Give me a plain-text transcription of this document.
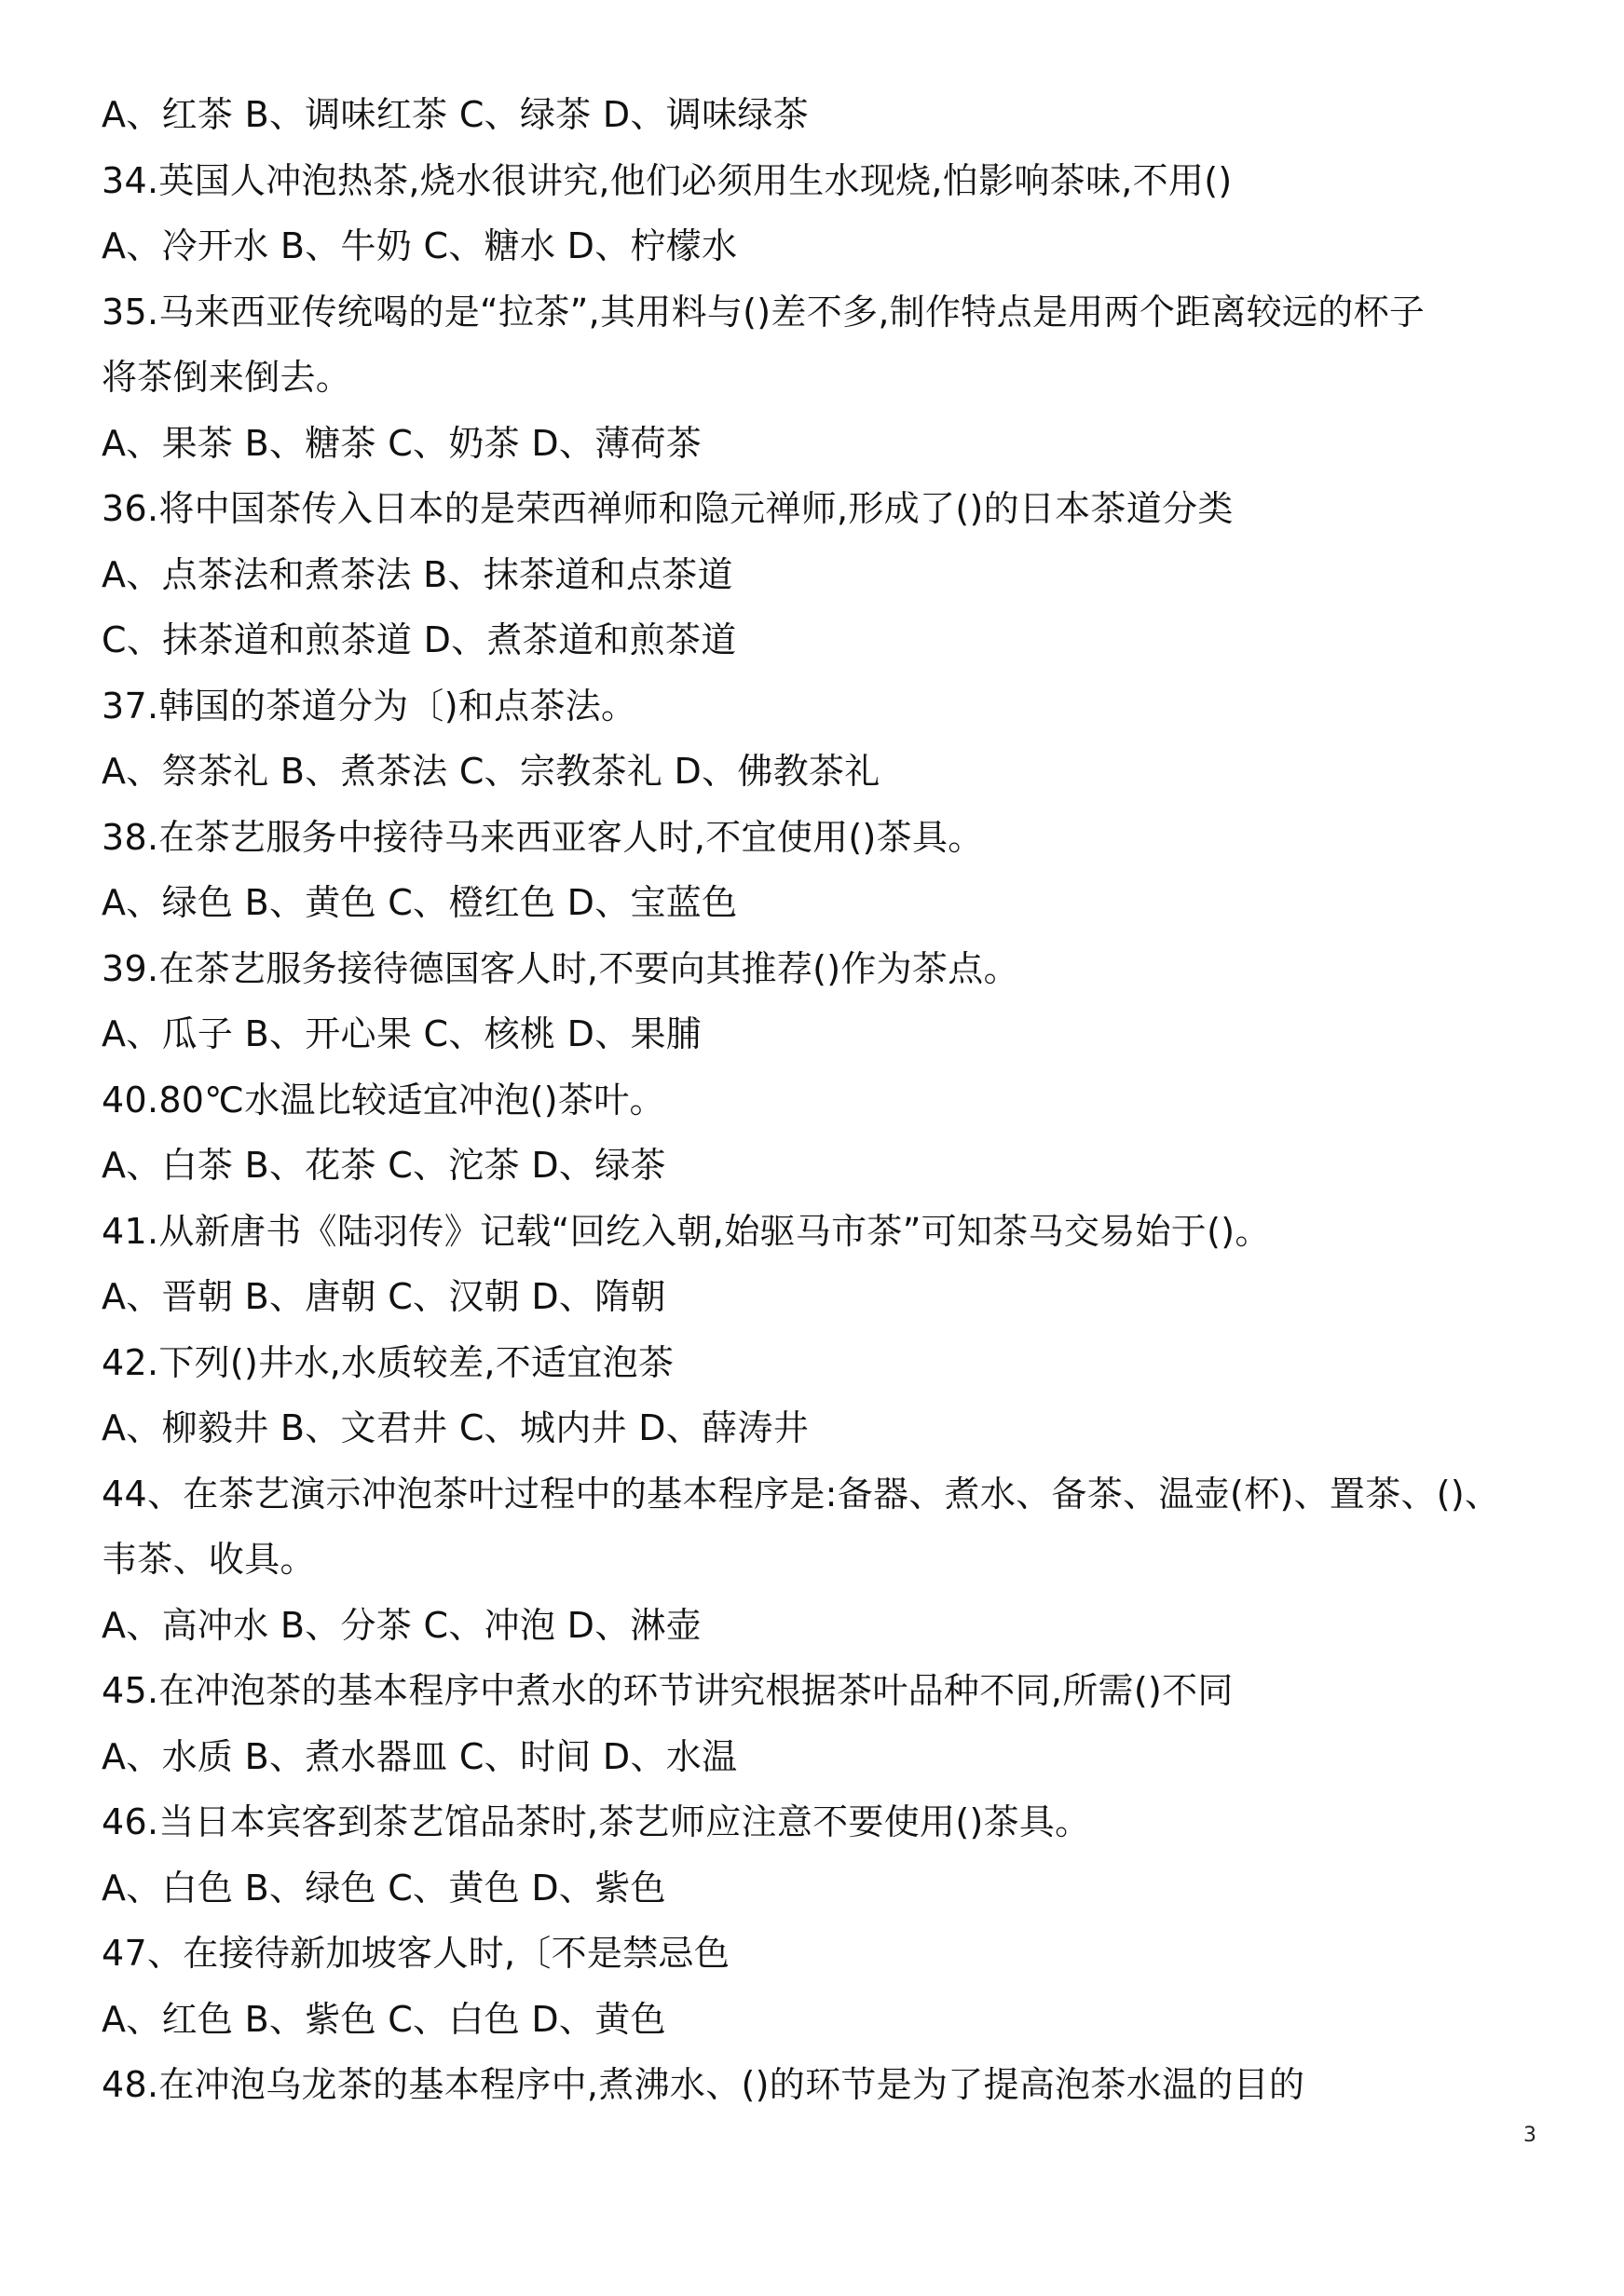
A、红茶 B、调味红茶 C、绿茶 D、调味绿茶
34.英国人冲泡热茶,烧水很讲究,他们必须用生水现烧,怕影响茶味,不用()
A、冷开水 B、牛奶 C、糖水 D、柠檬水
35.马来西亚传统喝的是“拉茶”,其用料与()差不多,制作特点是用两个距离较远的杯子
将茶倒来倒去。
A、果茶 B、糖茶 C、奶茶 D、薄荷茶
36.将中国茶传入日本的是荣西禅师和隐元禅师,形成了()的日本茶道分类
A、点茶法和煮茶法 B、抹茶道和点茶道
C、抹茶道和煎茶道 D、煮茶道和煎茶道
37.韩国的茶道分为〔)和点茶法。
A、祭茶礼 B、煮茶法 C、宗教茶礼 D、佛教茶礼
38.在茶艺服务中接待马来西亚客人时,不宜使用()茶具。
A、绿色 B、黄色 C、橙红色 D、宝蓝色
39.在茶艺服务接待德国客人时,不要向其推荐()作为茶点。
A、瓜子 B、开心果 C、核桃 D、果脯
40.80℃水温比较适宜冲泡()茶叶。
A、白茶 B、花茶 C、沱茶 D、绿茶
41.从新唐书《陆羽传》记载“回纥入朝,始驱马市茶”可知茶马交易始于()。
A、晋朝 B、唐朝 C、汉朝 D、隋朝
42.下列()井水,水质较差,不适宜泡茶
A、柳毅井 B、文君井 C、城内井 D、薛涛井
44、在茶艺演示冲泡茶叶过程中的基本程序是:备器、煮水、备茶、温壶(杯)、置茶、()、
韦茶、收具。
A、高冲水 B、分茶 C、冲泡 D、淋壶
45.在冲泡茶的基本程序中煮水的环节讲究根据茶叶品种不同,所需()不同
A、水质 B、煮水器皿 C、时间 D、水温
46.当日本宾客到茶艺馆品茶时,茶艺师应注意不要使用()茶具。
A、白色 B、绿色 C、黄色 D、紫色
47、在接待新加坡客人时,〔不是禁忌色
A、红色 B、紫色 C、白色 D、黄色
48.在冲泡乌龙茶的基本程序中,煮沸水、()的环节是为了提高泡茶水温的目的
3
